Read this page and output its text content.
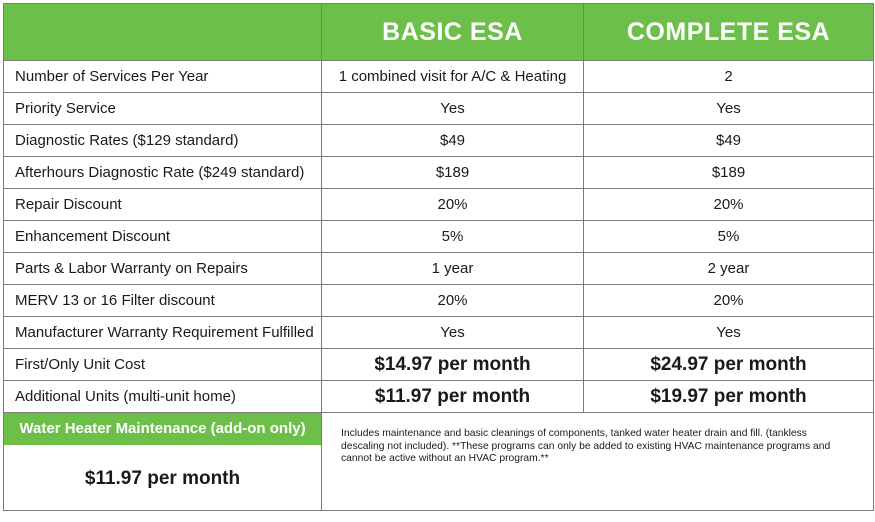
	BASIC ESA	COMPLETE ESA
Number of Services Per Year	1 combined visit for A/C & Heating	2
Priority Service	Yes	Yes
Diagnostic Rates ($129 standard)	$49	$49
Afterhours Diagnostic Rate ($249 standard)	$189	$189
Repair Discount	20%	20%
Enhancement Discount	5%	5%
Parts & Labor Warranty on Repairs	1 year	2 year
MERV 13 or 16 Filter discount	20%	20%
Manufacturer Warranty Requirement Fulfilled	Yes	Yes
First/Only Unit Cost	$14.97 per month	$24.97 per month
Additional Units (multi-unit home)	$11.97 per month	$19.97 per month

Water Heater Maintenance (add-on only)
$11.97 per month	Includes maintenance and basic cleanings of components, tanked water heater drain and fill. (tankless descaling not included). **These programs can only be added to existing HVAC maintenance programs and cannot be active without an HVAC program.**	
